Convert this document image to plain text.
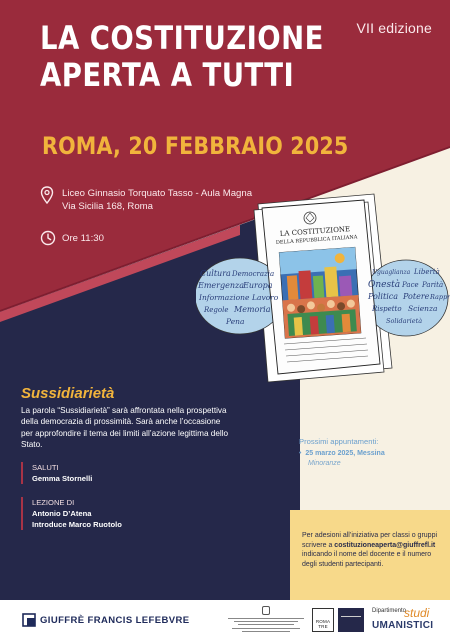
VII edizione
LA COSTITUZIONE
APERTA A TUTTI
ROMA, 20 FEBBRAIO 2025
Liceo Ginnasio Torquato Tasso - Aula Magna
Via Sicilia 168, Roma
Ore 11:30
LA COSTITUZIONE
DELLA REPUBBLICA ITALIANA
Cultura Democrazia
Emergenza Europa
Informazione Lavoro
Regole Memoria
Pena
Uguaglianza Libertà
Onestà Pace Parità
Politica Potere Rappr
Rispetto Scienza
Solidarietà
Sussidiarietà
La parola “Sussidiarietà” sarà affrontata nella prospettiva
della democrazia di prossimità. Sarà anche l’occasione
per approfondire il tema dei limiti all’azione legittima dello
Stato.
SALUTI
Gemma Stornelli
LEZIONE DI
Antonio D’Atena
Introduce Marco Ruotolo
Prossimi appuntamenti:
•  25 marzo 2025, Messina
Minoranze
Per adesioni all’iniziativa per classi o gruppi
scrivere a costituzioneaperta@giuffrefl.it
indicando il nome del docente e il numero
degli studenti partecipanti.
GIUFFRÈ FRANCIS LEFEBVRE	ROMA TRE
Dipartimento
studi
UMANISTICI
